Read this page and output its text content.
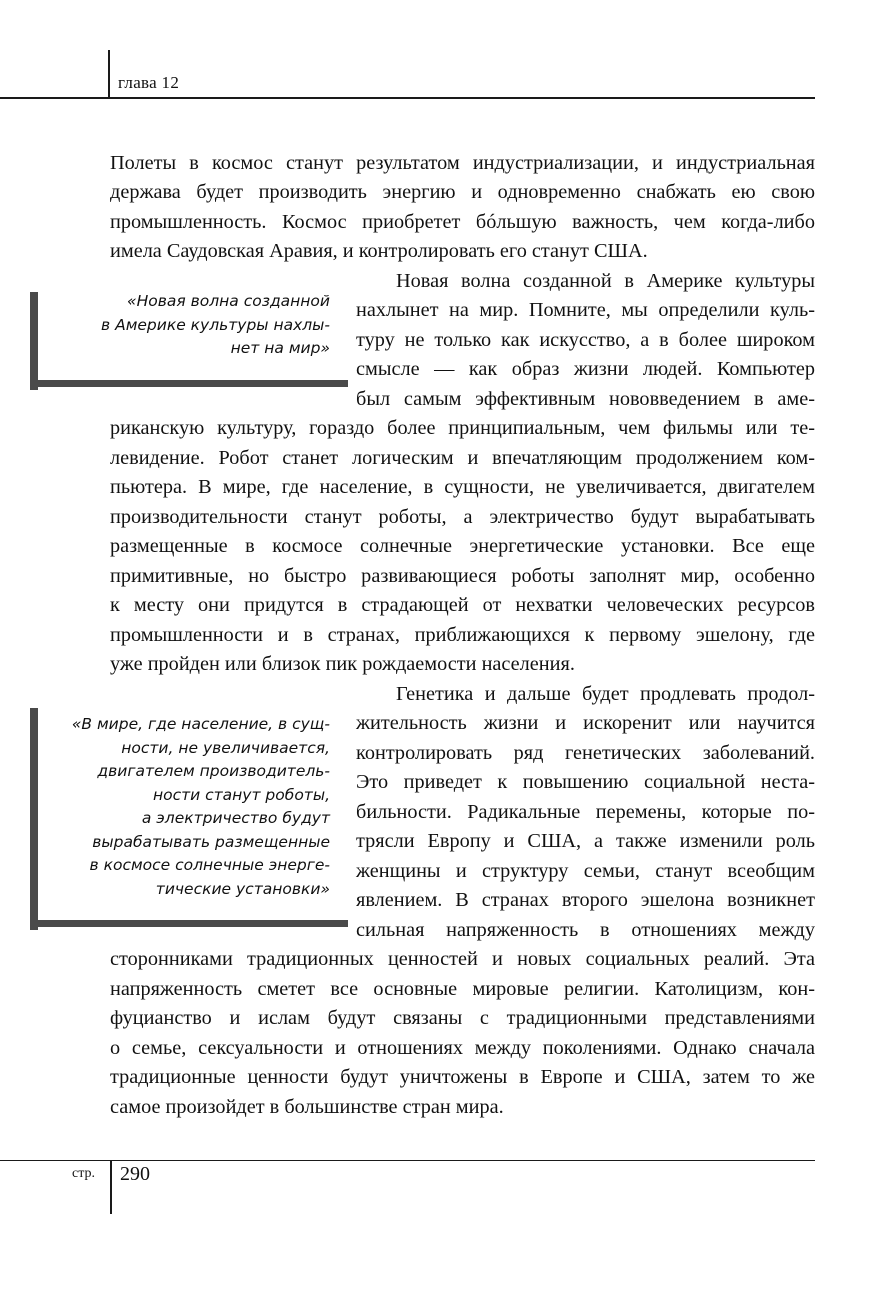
глава 12
Полеты в космос станут результатом индустриализации, и индустриальная
держава будет производить энергию и одновременно снабжать ею свою
промышленность. Космос приобретет бóльшую важность, чем когда-либо
имела Саудовская Аравия, и контролировать его станут США.
Новая волна созданной в Америке культуры
нахлынет на мир. Помните, мы определили куль-
туру не только как искусство, а в более широком
смысле — как образ жизни людей. Компьютер
был самым эффективным нововведением в аме-
риканскую культуру, гораздо более принципиальным, чем фильмы или те-
левидение. Робот станет логическим и впечатляющим продолжением ком-
пьютера. В мире, где население, в сущности, не увеличивается, двигателем
производительности станут роботы, а электричество будут вырабатывать
размещенные в космосе солнечные энергетические установки. Все еще
примитивные, но быстро развивающиеся роботы заполнят мир, особенно
к месту они придутся в страдающей от нехватки человеческих ресурсов
промышленности и в странах, приближающихся к первому эшелону, где
уже пройден или близок пик рождаемости населения.
Генетика и дальше будет продлевать продол-
жительность жизни и искоренит или научится
контролировать ряд генетических заболеваний.
Это приведет к повышению социальной неста-
бильности. Радикальные перемены, которые по-
трясли Европу и США, а также изменили роль
женщины и структуру семьи, станут всеобщим
явлением. В странах второго эшелона возникнет
сильная напряженность в отношениях между
сторонниками традиционных ценностей и новых социальных реалий. Эта
напряженность сметет все основные мировые религии. Католицизм, кон-
фуцианство и ислам будут связаны с традиционными представлениями
о семье, сексуальности и отношениях между поколениями. Однако сначала
традиционные ценности будут уничтожены в Европе и США, затем то же
самое произойдет в большинстве стран мира.
«Новая волна созданной
в Америке культуры нахлы-
нет на мир»
«В мире, где население, в сущ-
ности, не увеличивается,
двигателем производитель-
ности станут роботы,
а электричество будут
вырабатывать размещенные
в космосе солнечные энерге-
тические установки»
стр. 290
